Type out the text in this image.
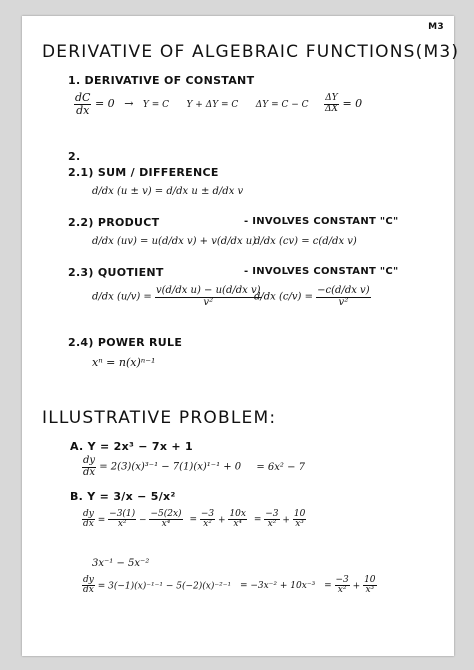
M3
DERIVATIVE OF ALGEBRAIC FUNCTIONS(M3)
1. DERIVATIVE OF CONSTANT
$\frac{dC}{dx} = 0 \to Y = C$ Y + ΔY = C ΔY = C − C $\frac{\Delta Y}{\Delta X} = 0$
2.
2.1) SUM / DIFFERENCE
d/dx (u ± v) = d/dx u ± d/dx v
2.2) PRODUCT
d/dx (uv) = u(d/dx v) + v(d/dx u)
- INVOLVES CONSTANT "C"
d/dx (cv) = c(d/dx v)
2.3) QUOTIENT
d/dx $(u/v) = \frac{\text{v(d/dx u) − u(d/dx v)}}{\text{v²}}$
- INVOLVES CONSTANT "C"
d/dx $(c/v) = \frac{\text{−c(d/dx v)}}{\text{v²}}$
2.4) POWER RULE
xⁿ = n(x)ⁿ⁻¹
ILLUSTRATIVE PROBLEM:
A. Y = 2x³ − 7x + 1
$\frac{dy}{dx} = 2(3)(x)^{3-1} - 7(1)(x)^{1-1} + 0 = 6x^2 - 7$
B. Y = 3/x − 5/x²
$\frac{dy}{dx} = \frac{-3(1)}{\text{x²}} - \frac{-5(2x)}{\text{x⁴}} = \frac{-3}{\text{x²}} + \frac{10x}{\text{x⁴}} = \frac{-3}{\text{x²}} + \frac{10}{\text{x³}}$
3x⁻¹ − 5x⁻²
$\frac{dy}{dx} = 3(-1)(x)^{-1-1} - 5(-2)(x)^{-2-1} = -3x^{-2} + 10x^{-3} = \frac{-3}{\text{x²}} + \frac{10}{\text{x³}}$
